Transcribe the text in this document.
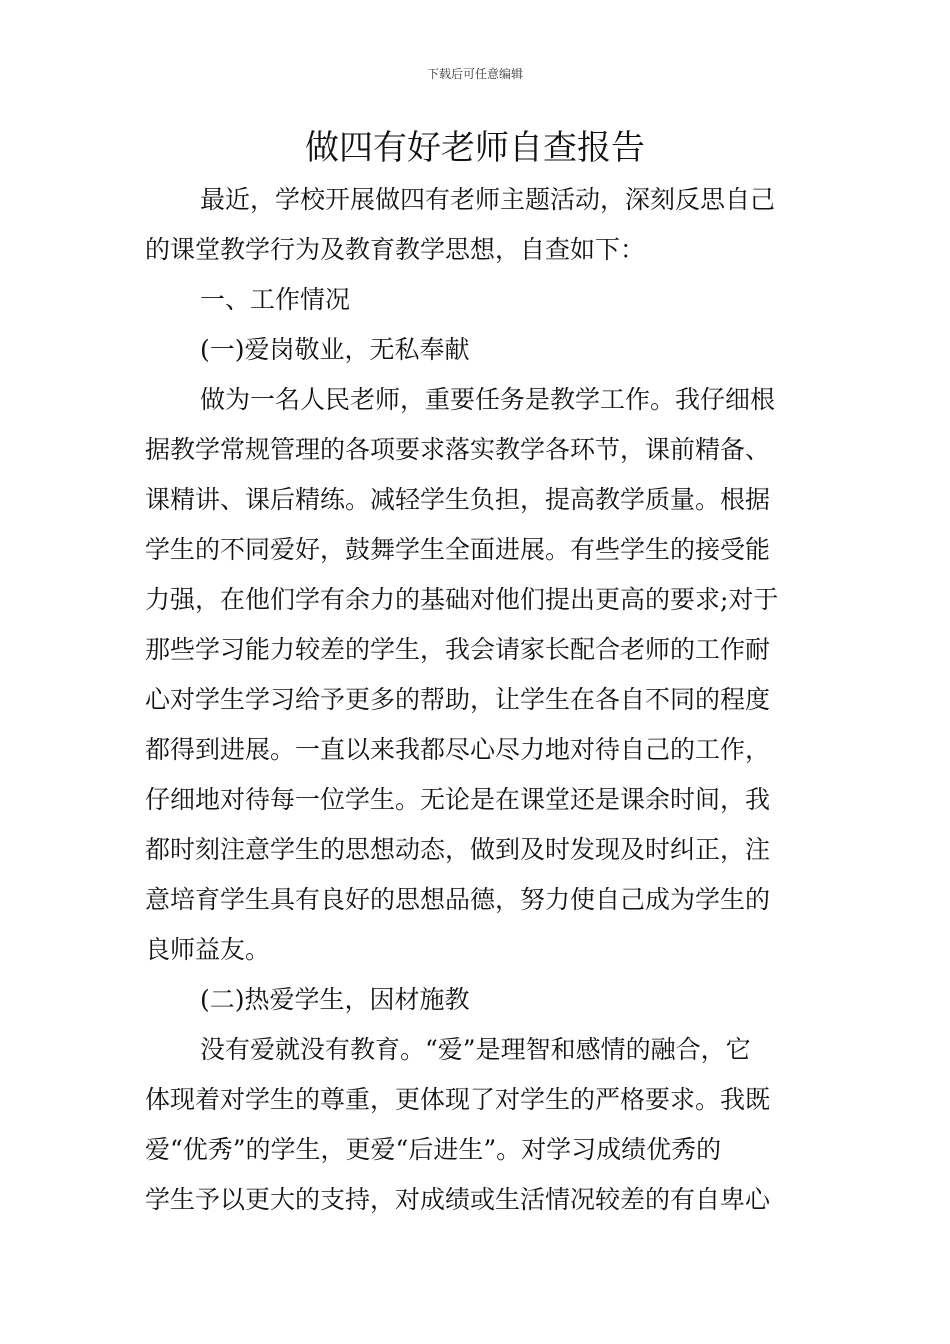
下载后可任意编辑
做四有好老师自查报告
最近，学校开展做四有老师主题活动，深刻反思自己
的课堂教学行为及教育教学思想，自查如下：
一、工作情况
(一)爱岗敬业，无私奉献
做为一名人民老师，重要任务是教学工作。我仔细根
据教学常规管理的各项要求落实教学各环节，课前精备、
课精讲、课后精练。减轻学生负担，提高教学质量。根据
学生的不同爱好，鼓舞学生全面进展。有些学生的接受能
力强，在他们学有余力的基础对他们提出更高的要求;对于
那些学习能力较差的学生，我会请家长配合老师的工作耐
心对学生学习给予更多的帮助，让学生在各自不同的程度
都得到进展。一直以来我都尽心尽力地对待自己的工作，
仔细地对待每一位学生。无论是在课堂还是课余时间，我
都时刻注意学生的思想动态，做到及时发现及时纠正，注
意培育学生具有良好的思想品德，努力使自己成为学生的
良师益友。
(二)热爱学生，因材施教
没有爱就没有教育。“爱”是理智和感情的融合，它
体现着对学生的尊重，更体现了对学生的严格要求。我既
爱“优秀”的学生，更爱“后进生”。对学习成绩优秀的
学生予以更大的支持，对成绩或生活情况较差的有自卑心
